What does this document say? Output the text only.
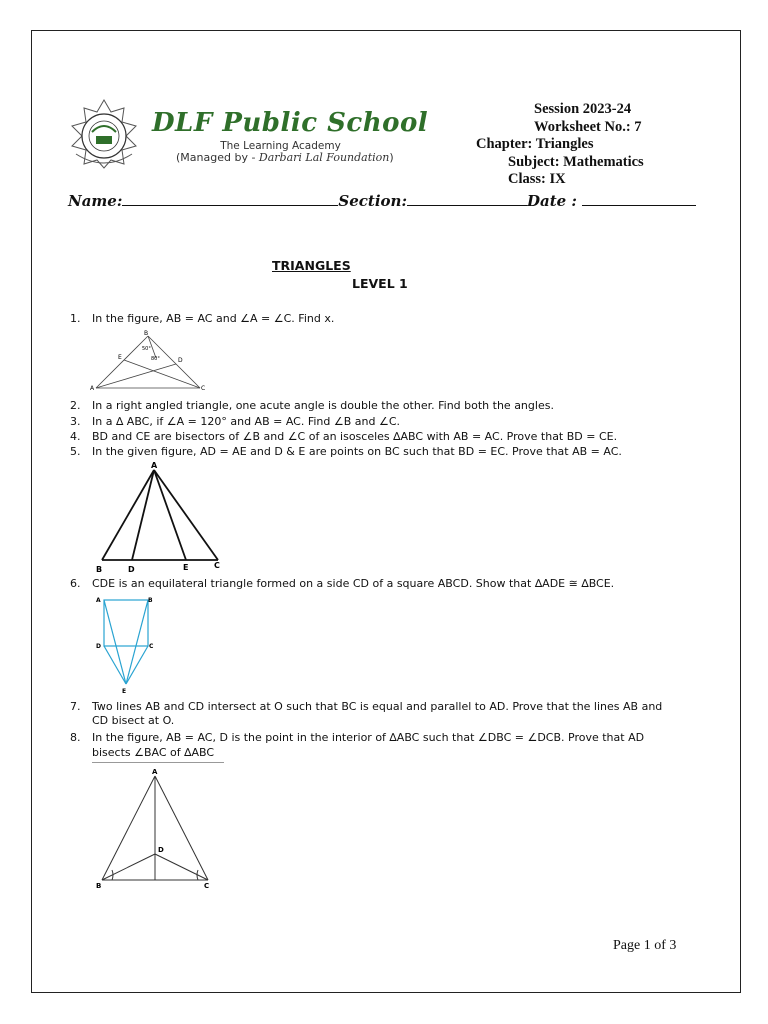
DLF Public School
The Learning Academy
(Managed by - Darbari Lal Foundation)
Session 2023-24
Worksheet No.: 7
Chapter: Triangles
Subject: Mathematics
Class: IX
Name:	Section:	Date :
TRIANGLES
LEVEL 1
1.	In the figure, AB = AC and ∠A = ∠C. Find x.
B
50°
80°
E	D
A	C
2.	In a right angled triangle, one acute angle is double the other. Find both the angles.
3.	In a ∆ ABC, if ∠A = 120° and AB = AC. Find ∠B and ∠C.
4.	BD and CE are bisectors of ∠B and ∠C of an isosceles ∆ABC with AB = AC. Prove that BD = CE.
5.	In the given figure, AD = AE and D & E are points on BC such that BD = EC. Prove that AB = AC.
A
B	D	E	C
6.	CDE is an equilateral triangle formed on a side CD of a square ABCD. Show that ∆ADE ≅ ∆BCE.
A	B
D	C
E
7.	Two lines AB and CD intersect at O such that BC is equal and parallel to AD. Prove that the lines AB and
CD bisect at O.
8.	In the figure, AB = AC, D is the point in the interior of ∆ABC such that ∠DBC = ∠DCB. Prove that AD
bisects ∠BAC of ∆ABC
A
D
B	C
Page 1 of 3
